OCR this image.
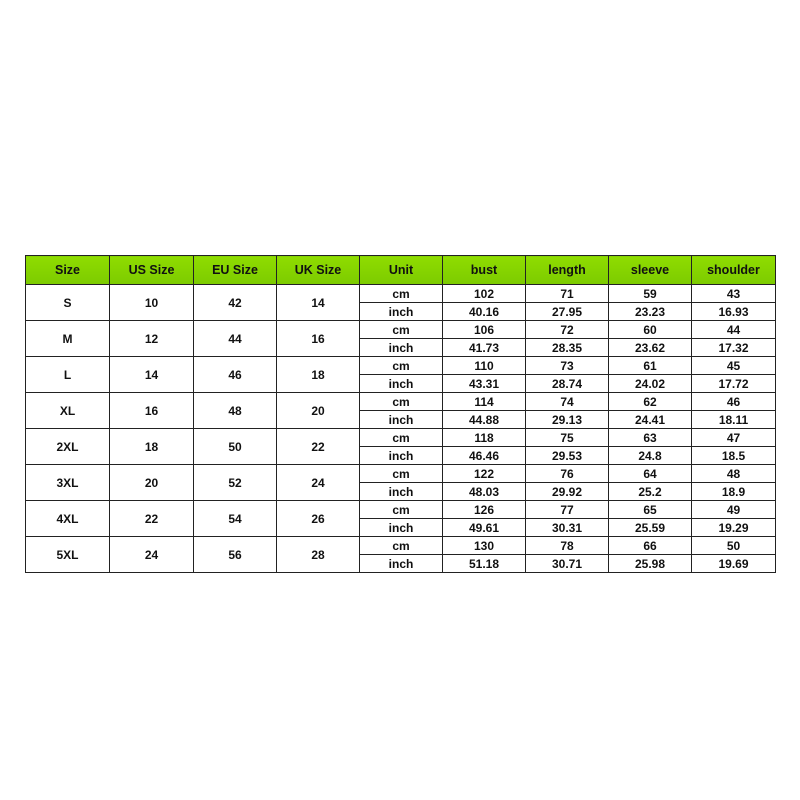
Size	US Size	EU Size	UK Size	Unit	bust	length	sleeve	shoulder
S	10	42	14	cm	102	71	59	43
				inch	40.16	27.95	23.23	16.93
M	12	44	16	cm	106	72	60	44
				inch	41.73	28.35	23.62	17.32
L	14	46	18	cm	110	73	61	45
				inch	43.31	28.74	24.02	17.72
XL	16	48	20	cm	114	74	62	46
				inch	44.88	29.13	24.41	18.11
2XL	18	50	22	cm	118	75	63	47
				inch	46.46	29.53	24.8	18.5
3XL	20	52	24	cm	122	76	64	48
				inch	48.03	29.92	25.2	18.9
4XL	22	54	26	cm	126	77	65	49
				inch	49.61	30.31	25.59	19.29
5XL	24	56	28	cm	130	78	66	50
				inch	51.18	30.71	25.98	19.69
